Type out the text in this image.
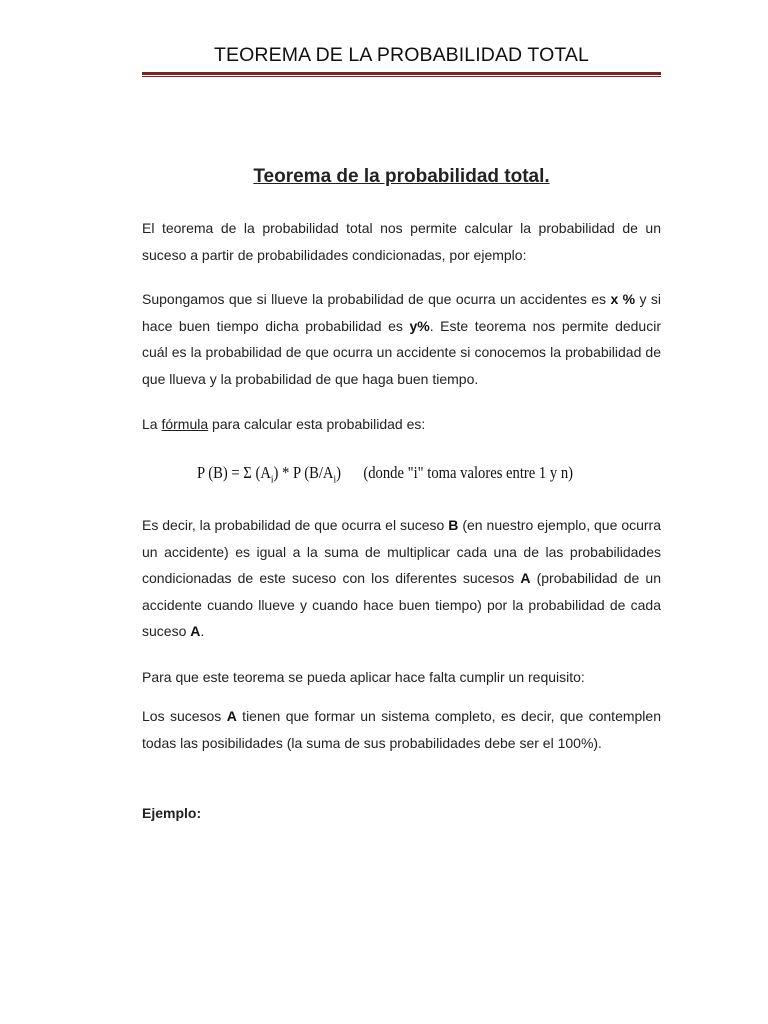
TEOREMA DE LA PROBABILIDAD TOTAL
Teorema de la probabilidad total.
El teorema de la probabilidad total nos permite calcular la probabilidad de un suceso a partir de probabilidades condicionadas, por ejemplo:
Supongamos que si llueve la probabilidad de que ocurra un accidentes es x % y si hace buen tiempo dicha probabilidad es y%. Este teorema nos permite deducir cuál es la probabilidad de que ocurra un accidente si conocemos la probabilidad de que llueva y la probabilidad de que haga buen tiempo.
La fórmula para calcular esta probabilidad es:
P (B) = Σ $(A_i)$ * P $(B/A_i)$ (donde "i" toma valores entre 1 y n)
Es decir, la probabilidad de que ocurra el suceso B (en nuestro ejemplo, que ocurra un accidente) es igual a la suma de multiplicar cada una de las probabilidades condicionadas de este suceso con los diferentes sucesos A (probabilidad de un accidente cuando llueve y cuando hace buen tiempo) por la probabilidad de cada suceso A.
Para que este teorema se pueda aplicar hace falta cumplir un requisito:
Los sucesos A tienen que formar un sistema completo, es decir, que contemplen todas las posibilidades (la suma de sus probabilidades debe ser el 100%).
Ejemplo:
